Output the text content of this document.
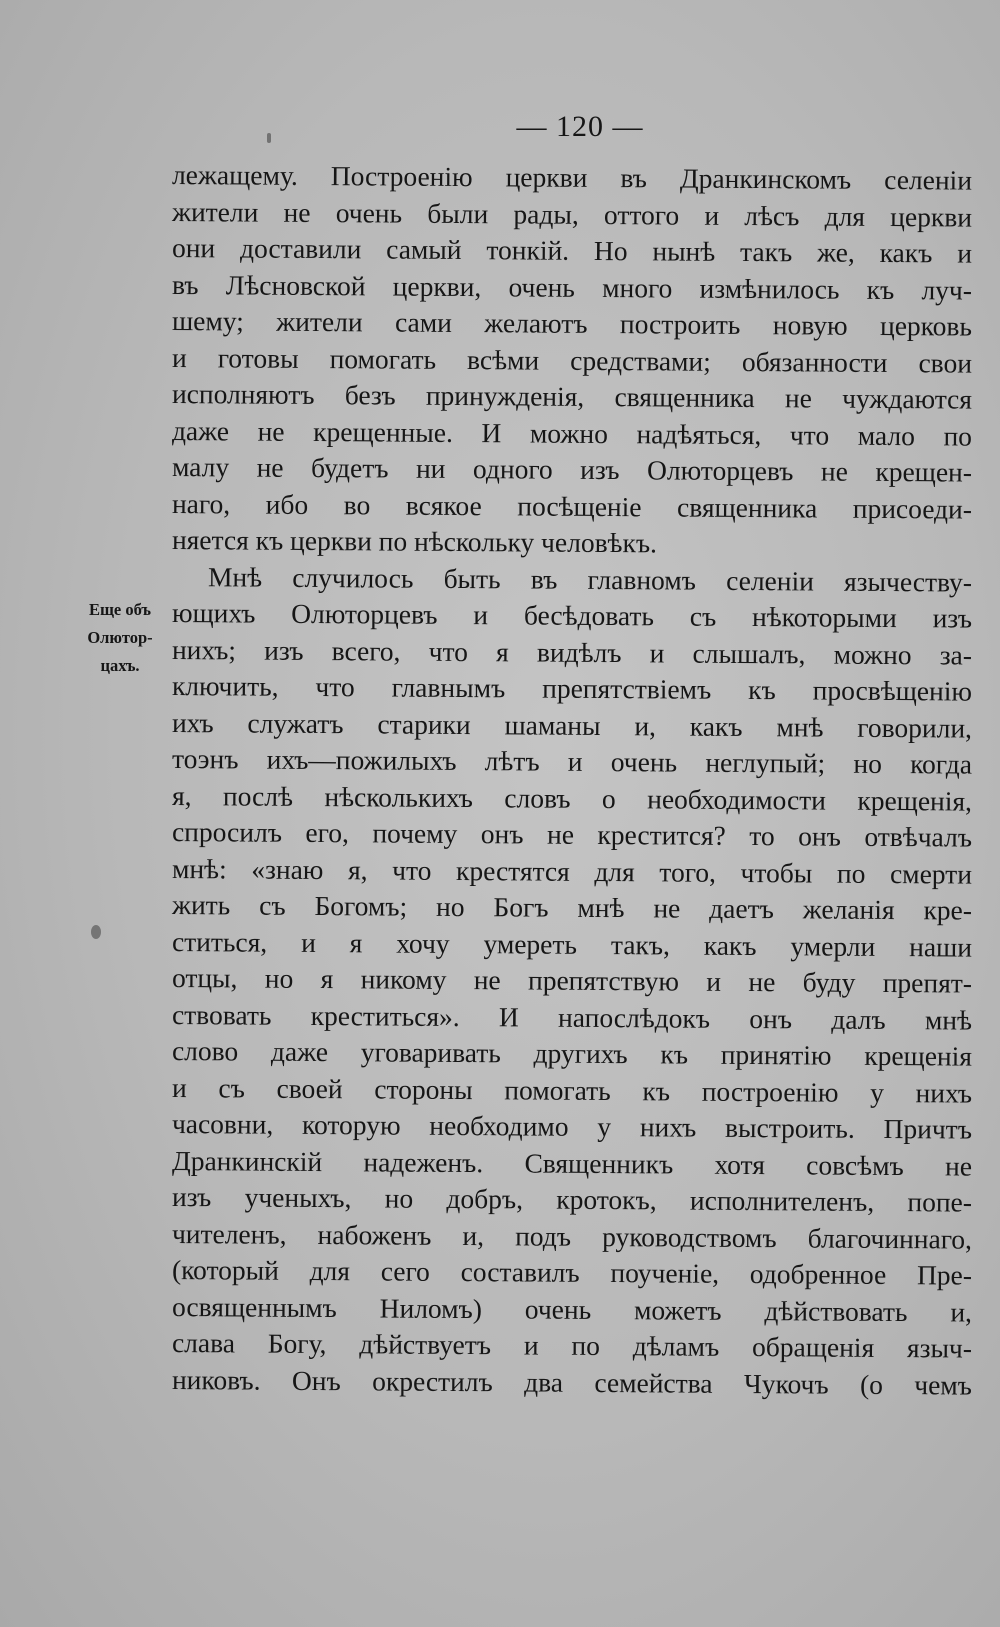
— 120 —
Еще объ
Олютор-
цахъ.
лежащему. Построенію церкви въ Дранкинскомъ селеніи
жители не очень были рады, оттого и лѣсъ для церкви
они доставили самый тонкій. Но нынѣ такъ же, какъ и
въ Лѣсновской церкви, очень много измѣнилось къ луч-
шему; жители сами желаютъ построить новую церковь
и готовы помогать всѣми средствами; обязанности свои
исполняютъ безъ принужденія, священника не чуждаются
даже не крещенные. И можно надѣяться, что мало по
малу не будетъ ни одного изъ Олюторцевъ не крещен-
наго, ибо во всякое посѣщеніе священника присоеди-
няется къ церкви по нѣскольку человѣкъ.
Мнѣ случилось быть въ главномъ селеніи язычеству-
ющихъ Олюторцевъ и бесѣдовать съ нѣкоторыми изъ
нихъ; изъ всего, что я видѣлъ и слышалъ, можно за-
ключить, что главнымъ препятствіемъ къ просвѣщенію
ихъ служатъ старики шаманы и, какъ мнѣ говорили,
тоэнъ ихъ—пожилыхъ лѣтъ и очень неглупый; но когда
я, послѣ нѣсколькихъ словъ о необходимости крещенія,
спросилъ его, почему онъ не крестится? то онъ отвѣчалъ
мнѣ: «знаю я, что крестятся для того, чтобы по смерти
жить съ Богомъ; но Богъ мнѣ не даетъ желанія кре-
ститься, и я хочу умереть такъ, какъ умерли наши
отцы, но я никому не препятствую и не буду препят-
ствовать креститься». И напослѣдокъ онъ далъ мнѣ
слово даже уговаривать другихъ къ принятію крещенія
и съ своей стороны помогать къ построенію у нихъ
часовни, которую необходимо у нихъ выстроить. Причтъ
Дранкинскій надеженъ. Священникъ хотя совсѣмъ не
изъ ученыхъ, но добръ, кротокъ, исполнителенъ, попе-
чителенъ, набоженъ и, подъ руководствомъ благочиннаго,
(который для сего составилъ поученіе, одобренное Пре-
освященнымъ Ниломъ) очень можетъ дѣйствовать и,
слава Богу, дѣйствуетъ и по дѣламъ обращенія языч-
никовъ. Онъ окрестилъ два семейства Чукочъ (о чемъ
